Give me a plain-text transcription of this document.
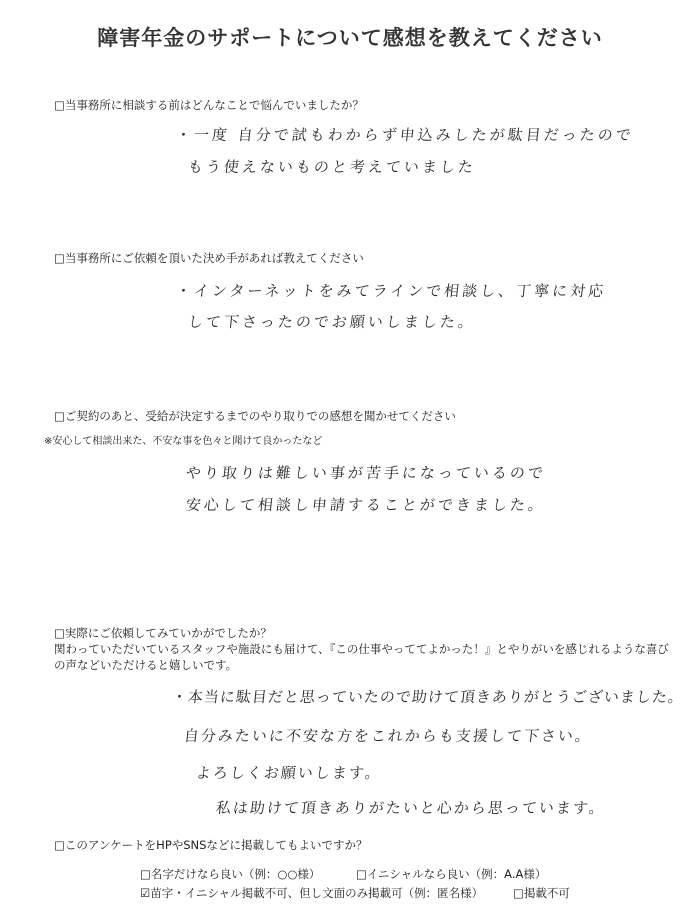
障害年金のサポートについて感想を教えてください
□当事務所に相談する前はどんなことで悩んでいましたか？
・一度 自分で試もわからず申込みしたが駄目だったので
もう使えないものと考えていました
□当事務所にご依頼を頂いた決め手があれば教えてください
・インターネットをみてラインで相談し、丁寧に対応
して下さったのでお願いしました。
□ご契約のあと、受給が決定するまでのやり取りでの感想を聞かせてください
※安心して相談出来た、不安な事を色々と聞けて良かったなど
やり取りは難しい事が苦手になっているので
安心して相談し申請することができました。
□実際にご依頼してみていかがでしたか？
関わっていただいているスタッフや施設にも届けて、『この仕事やっててよかった！』とやりがいを感じれるような喜びの声などいただけると嬉しいです。
・本当に駄目だと思っていたので助けて頂きありがとうございました。
自分みたいに不安な方をこれからも支援して下さい。
よろしくお願いします。
私は助けて頂きありがたいと心から思っています。
□このアンケートをHPやSNSなどに掲載してもよいですか？
□名字だけなら良い（例：○○様）	□イニシャルなら良い（例：A.A様）
☑苗字・イニシャル掲載不可、但し文面のみ掲載可（例：匿名様）	□掲載不可
